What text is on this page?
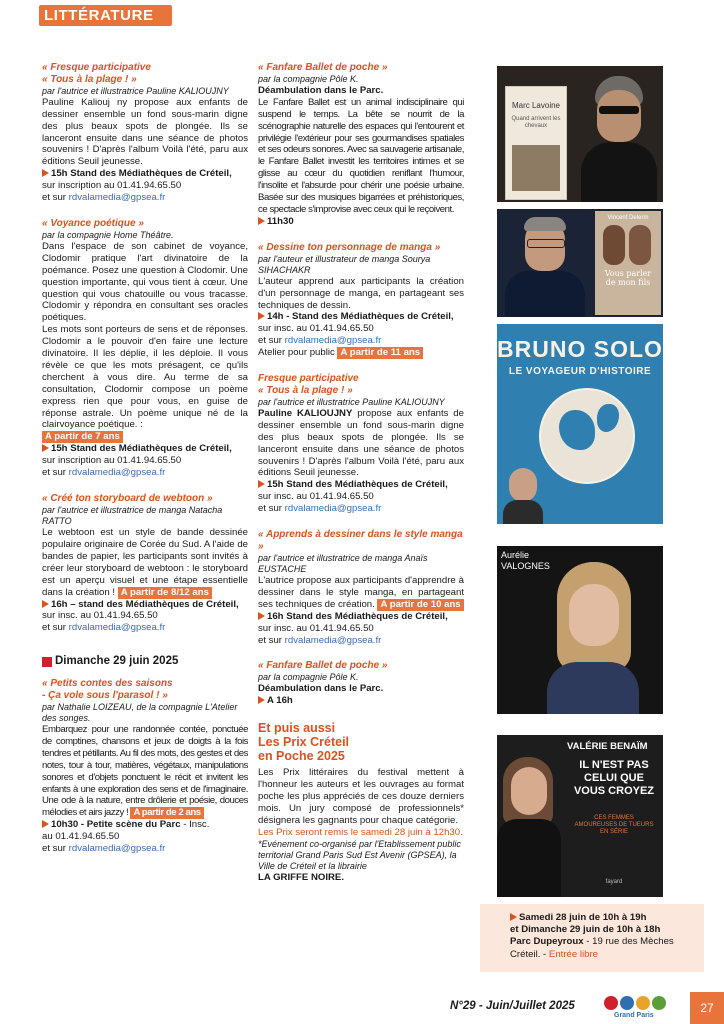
LITTÉRATURE

« Fresque participative

« Tous à la plage ! »

par l'autrice et illustratrice Pauline KALIOUJNY

Pauline Kaliouj ny propose aux enfants de dessiner ensemble un fond sous-marin digne des plus beaux spots de plongée. Ils se lanceront ensuite dans une séance de photos souvenirs ! D'après l'album Voilà l'été, paru aux éditions Seuil jeunesse.

15h Stand des Médiathèques de Créteil,

sur inscription au 01.41.94.65.50

et sur rdvalamedia@gpsea.fr

« Voyance poétique »

par la compagnie Home Théâtre.

Dans l'espace de son cabinet de voyance, Clodomir pratique l'art divinatoire de la poémance. Posez une question à Clodomir. Une question importante, qui vous tient à cœur. Une question qui vous chatouille ou vous tracasse. Clodomir y répondra en consultant ses oracles poétiques.

Les mots sont porteurs de sens et de réponses. Clodomir a le pouvoir d'en faire une lecture divinatoire. Il les déplie, il les déploie. Il vous révèle ce que les mots présagent, ce qu'ils cherchent à vous dire. Au terme de sa consultation, Clodomir compose un poème express rien que pour vous, en guise de réponse astrale. Un poème unique né de la clairvoyance poétique. :

A partir de 7 ans

15h Stand des Médiathèques de Créteil,

sur inscription au 01.41.94.65.50

et sur rdvalamedia@gpsea.fr

« Créé ton storyboard de webtoon »

par l'autrice et illustratrice de manga Natacha RATTO

Le webtoon est un style de bande dessinée populaire originaire de Corée du Sud. A l'aide de bandes de papier, les participants sont invités à créer leur storyboard de webtoon : le storyboard est un aperçu visuel et une étape essentielle dans la création ! A partir de 8/12 ans

16h – stand des Médiathèques de Créteil,

sur insc. au 01.41.94.65.50

et sur rdvalamedia@gpsea.fr

Dimanche 29 juin 2025

« Petits contes des saisons

- Ça vole sous l'parasol ! »

par Nathalie LOIZEAU, de la compagnie L'Atelier des songes.

Embarquez pour une randonnée contée, ponctuée de comptines, chansons et jeux de doigts à la fois tendres et pétillants. Au fil des mots, des gestes et des notes, tour à tour, matières, végétaux, manipulations sonores et d'objets ponctuent le récit et invitent les enfants à une exploration des sens et de l'imaginaire. Une ode à la nature, entre drôlerie et poésie, douces mélodies et airs jazzy ! A partir de 2 ans

10h30 - Petite scène du Parc - Insc.

au 01.41.94.65.50

et sur rdvalamedia@gpsea.fr

« Fanfare Ballet de poche »

par la compagnie Pôle K.

Déambulation dans le Parc.

Le Fanfare Ballet est un animal indisciplinaire qui suspend le temps. La bête se nourrit de la scénographie naturelle des espaces qui l'entourent et privilégie l'extérieur pour ses gourmandises spatiales et ses odeurs sonores. Avec sa sauvagerie artisanale, le Fanfare Ballet investit les territoires intimes et se glisse au cœur du quotidien reniflant l'humour, l'insolite et l'absurde pour chérir une poésie urbaine. Basée sur des musiques bigarrées et préhistoriques, ce spectacle s'improvise avec ceux qui le reçoivent.

11h30

« Dessine ton personnage de manga »

par l'auteur et illustrateur de manga Sourya SIHACHAKR

L'auteur apprend aux participants la création d'un personnage de manga, en partageant ses techniques de dessin.

14h - Stand des Médiathèques de Créteil,

sur insc. au 01.41.94.65.50

et sur rdvalamedia@gpsea.fr

Atelier pour public A partir de 11 ans

Fresque participative

« Tous à la plage ! »

par l'autrice et illustratrice Pauline KALIOUJNY

Pauline KALIOUJNY propose aux enfants de dessiner ensemble un fond sous-marin digne des plus beaux spots de plongée. Ils se lanceront ensuite dans une séance de photos souvenirs ! D'après l'album Voilà l'été, paru aux éditions Seuil jeunesse.

15h Stand des Médiathèques de Créteil,

sur insc. au 01.41.94.65.50

et sur rdvalamedia@gpsea.fr

« Apprends à dessiner dans le style manga »

par l'autrice et illustratrice de manga Anaïs EUSTACHE

L'autrice propose aux participants d'apprendre à dessiner dans le style manga, en partageant ses techniques de création. A partir de 10 ans

16h Stand des Médiathèques de Créteil,

sur insc. au 01.41.94.65.50

et sur rdvalamedia@gpsea.fr

« Fanfare Ballet de poche »

par la compagnie Pôle K.

Déambulation dans le Parc.

A 16h

Et puis aussi

Les Prix Créteil

en Poche 2025

Les Prix littéraires du festival mettent à l'honneur les auteurs et les ouvrages au format poche les plus appréciés de ces douze derniers mois. Un jury composé de professionnels* désignera les gagnants pour chaque catégorie.

Les Prix seront remis le samedi 28 juin à 12h30.

*Evénement co-organisé par l'Etablissement public territorial Grand Paris Sud Est Avenir (GPSEA), la Ville de Créteil et la librairie

LA GRIFFE NOIRE.

Marc Lavoine
Quand arrivent les chevaux
Vincent Delerm
Vous parler de mon fils
BRUNO SOLO
LE VOYAGEUR D'HISTOIRE
Aurélie
VALOGNES
VALÉRIE BENAÏM
IL N'EST PAS CELUI QUE VOUS CROYEZ
CES FEMMES AMOUREUSES DE TUEURS EN SÉRIE
fayard

Samedi 28 juin de 10h à 19h

et Dimanche 29 juin de 10h à 18h

Parc Dupeyroux - 19 rue des Mèches

Créteil. - Entrée libre

N°29 - Juin/Juillet 2025
Grand Paris
27
